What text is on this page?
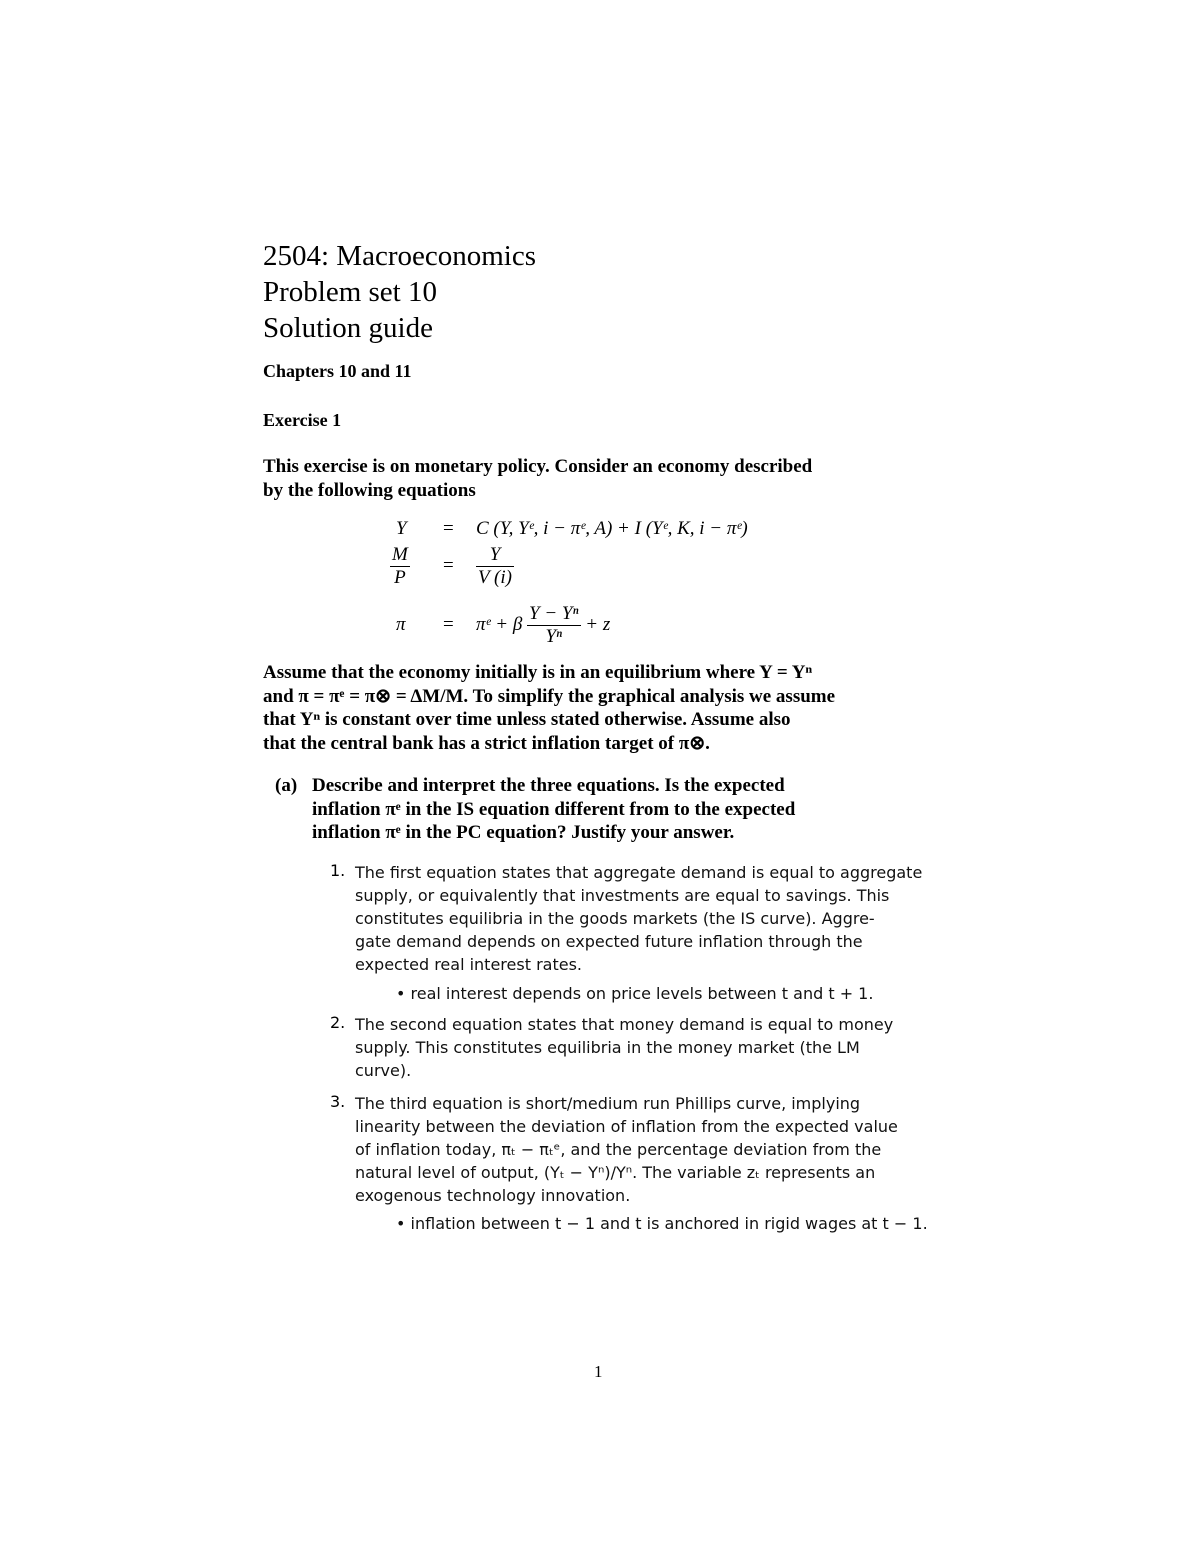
2504: Macroeconomics
Problem set 10
Solution guide
Chapters 10 and 11
Exercise 1
This exercise is on monetary policy. Consider an economy described
by the following equations
Y = C (Y, Yᵉ, i − πᵉ, A) + I (Yᵉ, K, i − πᵉ)
$\frac{M}{P} = \frac{Y}{V (i)}$
π = πᵉ + β $\frac{\text{Y − Yⁿ}}{\text{Yⁿ}} + z$
Assume that the economy initially is in an equilibrium where Y = Yⁿ
and π = πᵉ = π⊗ = ΔM/M. To simplify the graphical analysis we assume
that Yⁿ is constant over time unless stated otherwise. Assume also
that the central bank has a strict inflation target of π⊗.
(a) Describe and interpret the three equations. Is the expected
inflation πᵉ in the IS equation different from to the expected
inflation πᵉ in the PC equation? Justify your answer.
1. The first equation states that aggregate demand is equal to aggregate
supply, or equivalently that investments are equal to savings. This
constitutes equilibria in the goods markets (the IS curve). Aggre-
gate demand depends on expected future inflation through the
expected real interest rates.
• real interest depends on price levels between t and t + 1.
2. The second equation states that money demand is equal to money
supply. This constitutes equilibria in the money market (the LM
curve).
3. The third equation is short/medium run Phillips curve, implying
linearity between the deviation of inflation from the expected value
of inflation today, πₜ − πₜᵉ, and the percentage deviation from the
natural level of output, (Yₜ − Yⁿ)/Yⁿ. The variable zₜ represents an
exogenous technology innovation.
• inflation between t − 1 and t is anchored in rigid wages at t − 1.
1
